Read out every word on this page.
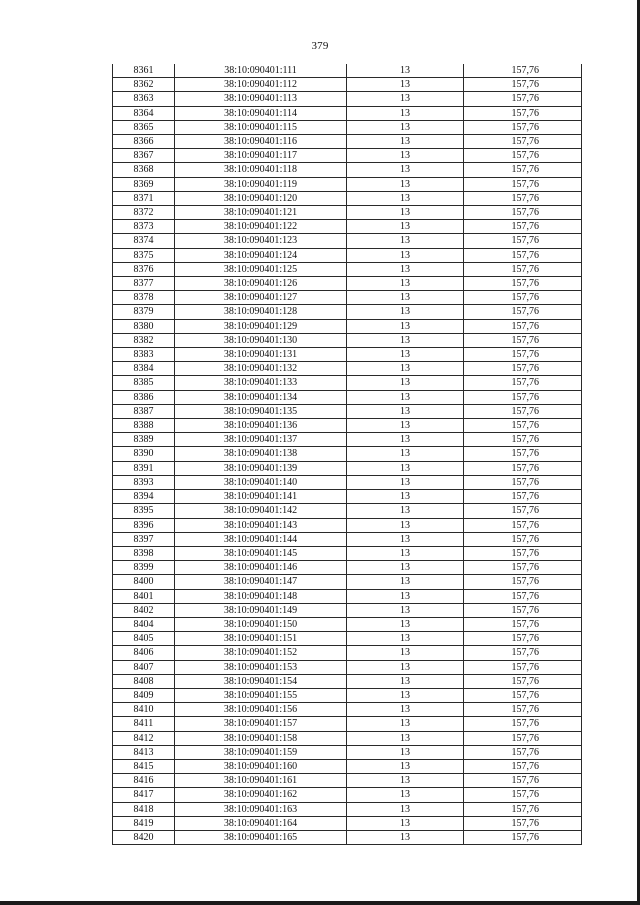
379
8361	38:10:090401:111	13	157,76
8362	38:10:090401:112	13	157,76
8363	38:10:090401:113	13	157,76
8364	38:10:090401:114	13	157,76
8365	38:10:090401:115	13	157,76
8366	38:10:090401:116	13	157,76
8367	38:10:090401:117	13	157,76
8368	38:10:090401:118	13	157,76
8369	38:10:090401:119	13	157,76
8371	38:10:090401:120	13	157,76
8372	38:10:090401:121	13	157,76
8373	38:10:090401:122	13	157,76
8374	38:10:090401:123	13	157,76
8375	38:10:090401:124	13	157,76
8376	38:10:090401:125	13	157,76
8377	38:10:090401:126	13	157,76
8378	38:10:090401:127	13	157,76
8379	38:10:090401:128	13	157,76
8380	38:10:090401:129	13	157,76
8382	38:10:090401:130	13	157,76
8383	38:10:090401:131	13	157,76
8384	38:10:090401:132	13	157,76
8385	38:10:090401:133	13	157,76
8386	38:10:090401:134	13	157,76
8387	38:10:090401:135	13	157,76
8388	38:10:090401:136	13	157,76
8389	38:10:090401:137	13	157,76
8390	38:10:090401:138	13	157,76
8391	38:10:090401:139	13	157,76
8393	38:10:090401:140	13	157,76
8394	38:10:090401:141	13	157,76
8395	38:10:090401:142	13	157,76
8396	38:10:090401:143	13	157,76
8397	38:10:090401:144	13	157,76
8398	38:10:090401:145	13	157,76
8399	38:10:090401:146	13	157,76
8400	38:10:090401:147	13	157,76
8401	38:10:090401:148	13	157,76
8402	38:10:090401:149	13	157,76
8404	38:10:090401:150	13	157,76
8405	38:10:090401:151	13	157,76
8406	38:10:090401:152	13	157,76
8407	38:10:090401:153	13	157,76
8408	38:10:090401:154	13	157,76
8409	38:10:090401:155	13	157,76
8410	38:10:090401:156	13	157,76
8411	38:10:090401:157	13	157,76
8412	38:10:090401:158	13	157,76
8413	38:10:090401:159	13	157,76
8415	38:10:090401:160	13	157,76
8416	38:10:090401:161	13	157,76
8417	38:10:090401:162	13	157,76
8418	38:10:090401:163	13	157,76
8419	38:10:090401:164	13	157,76
8420	38:10:090401:165	13	157,76
